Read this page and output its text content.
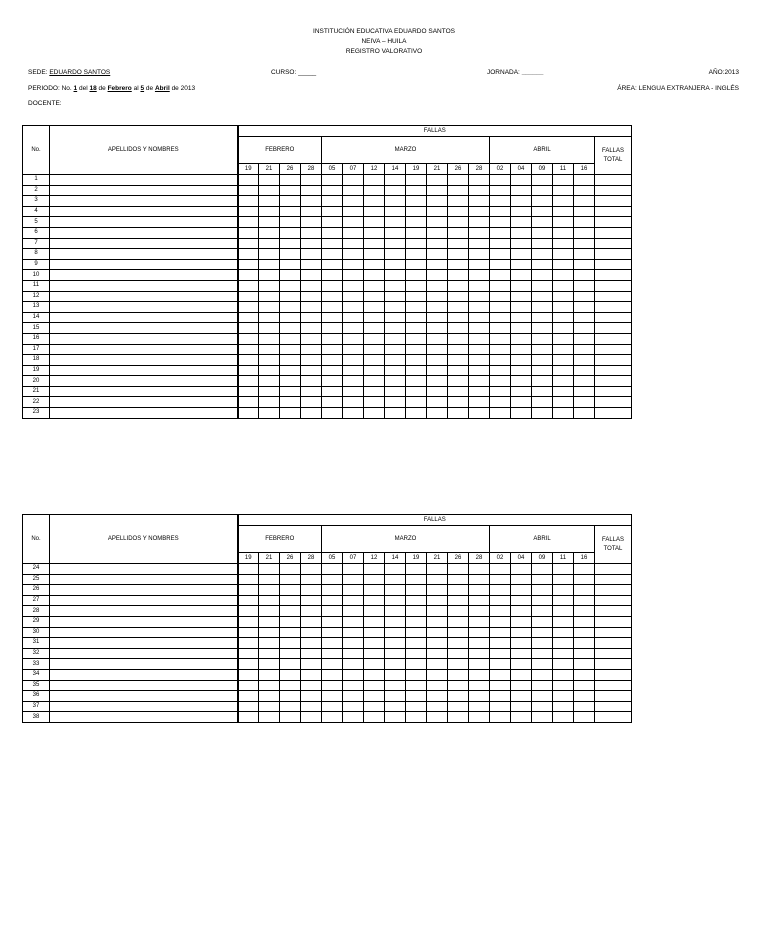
INSTITUCIÓN EDUCATIVA EDUARDO SANTOS
NEIVA – HUILA
REGISTRO VALORATIVO
SEDE: EDUARDO SANTOS	CURSO: _____	JORNADA: ______	AÑO:2013
PERIODO: No. 1 del 18 de Febrero al 5 de Abril de 2013	ÁREA: LENGUA EXTRANJERA - INGLÉS
DOCENTE:
No.	APELLIDOS Y NOMBRES	FALLAS																	
		FEBRERO				MARZO								ABRIL					FALLAS TOTAL
		19	21	26	28	05	07	12	14	19	21	26	28	02	04	09	11	16	
1																			
2																			
3																			
4																			
5																			
6																			
7																			
8																			
9																			
10																			
11																			
12																			
13																			
14																			
15																			
16																			
17																			
18																			
19																			
20																			
21																			
22																			
23																			
No.	APELLIDOS Y NOMBRES	FALLAS																	
		FEBRERO				MARZO								ABRIL					FALLAS TOTAL
		19	21	26	28	05	07	12	14	19	21	26	28	02	04	09	11	16	
24																			
25																			
26																			
27																			
28																			
29																			
30																			
31																			
32																			
33																			
34																			
35																			
36																			
37																			
38																			
